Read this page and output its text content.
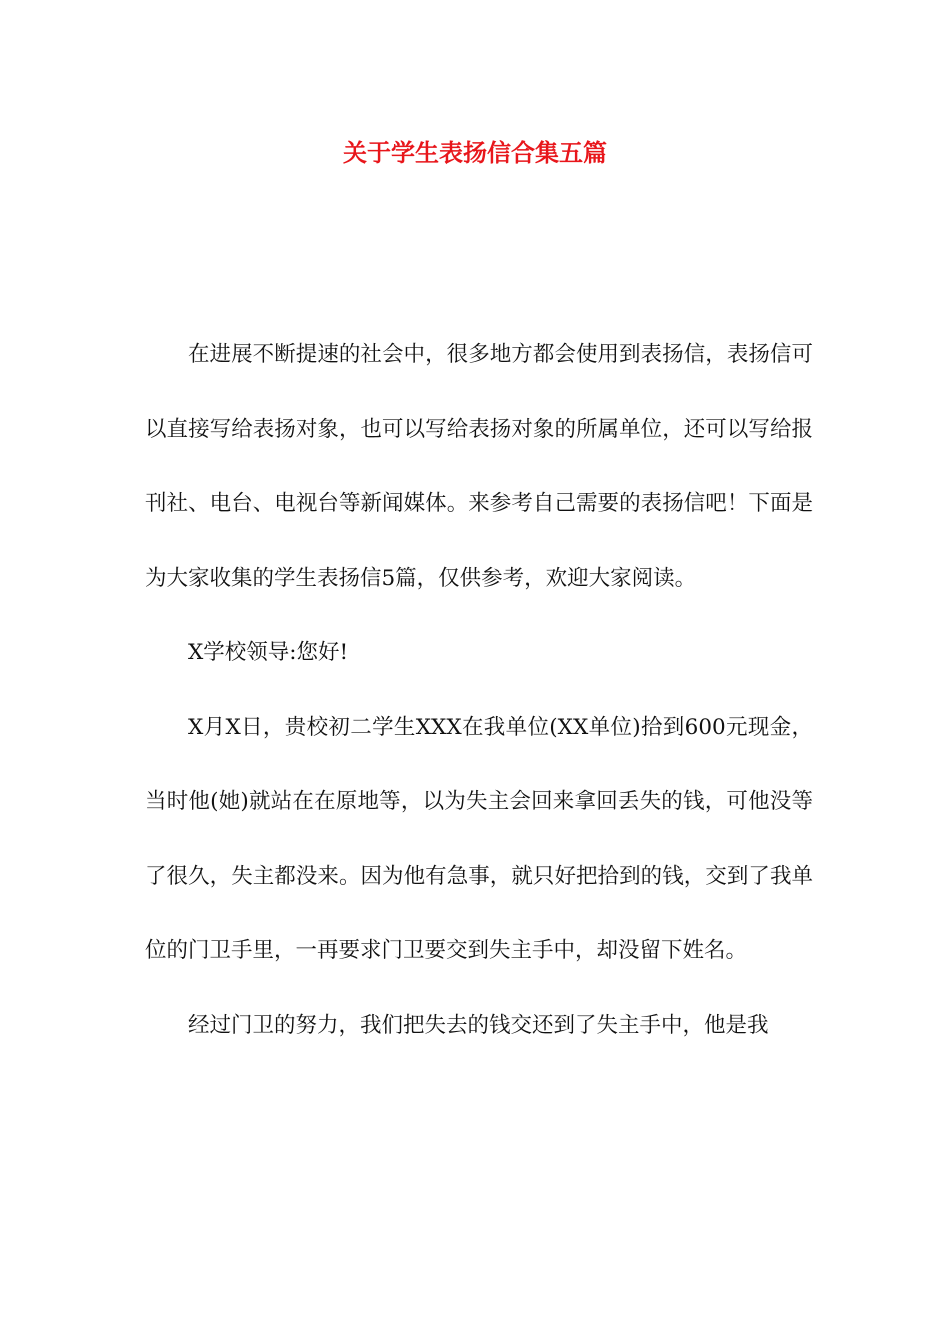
关于学生表扬信合集五篇

在进展不断提速的社会中，很多地方都会使用到表扬信，表扬信可以直接写给表扬对象，也可以写给表扬对象的所属单位，还可以写给报刊社、电台、电视台等新闻媒体。来参考自己需要的表扬信吧！下面是为大家收集的学生表扬信5篇，仅供参考，欢迎大家阅读。

X学校领导:您好!

X月X日，贵校初二学生XXX在我单位(XX单位)拾到600元现金，当时他(她)就站在在原地等，以为失主会回来拿回丢失的钱，可他没等了很久，失主都没来。因为他有急事，就只好把拾到的钱，交到了我单位的门卫手里，一再要求门卫要交到失主手中，却没留下姓名。

经过门卫的努力，我们把失去的钱交还到了失主手中，他是我
